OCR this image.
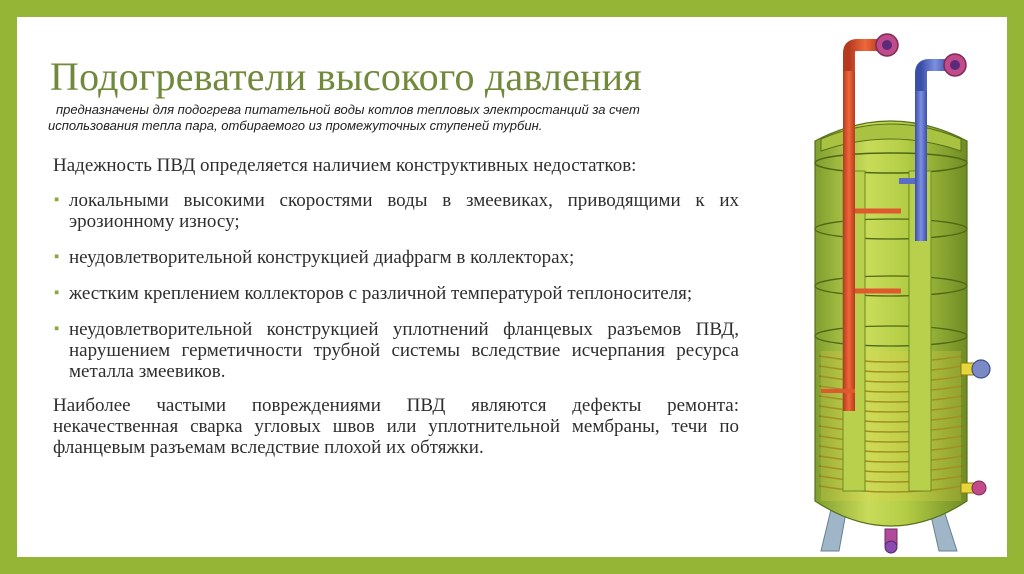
Подогреватели высокого давления
предназначены для подогрева питательной воды котлов тепловых электростанций за счет
использования тепла пара, отбираемого из промежуточных ступеней турбин.

Надежность ПВД определяется наличием конструктивных недостатков:

▪ локальными высокими скоростями воды в змеевиках, приводящими к их эрозионному износу;

▪ неудовлетворительной конструкцией диафрагм в коллекторах;

▪ жестким креплением коллекторов с различной температурой теплоносителя;

▪ неудовлетворительной конструкцией уплотнений фланцевых разъемов ПВД, нарушением герметичности трубной системы вследствие исчерпания ресурса металла змеевиков.

Наиболее частыми повреждениями ПВД являются дефекты ремонта: некачественная сварка угловых швов или уплотнительной мембраны, течи по фланцевым разъемам вследствие плохой их обтяжки.
